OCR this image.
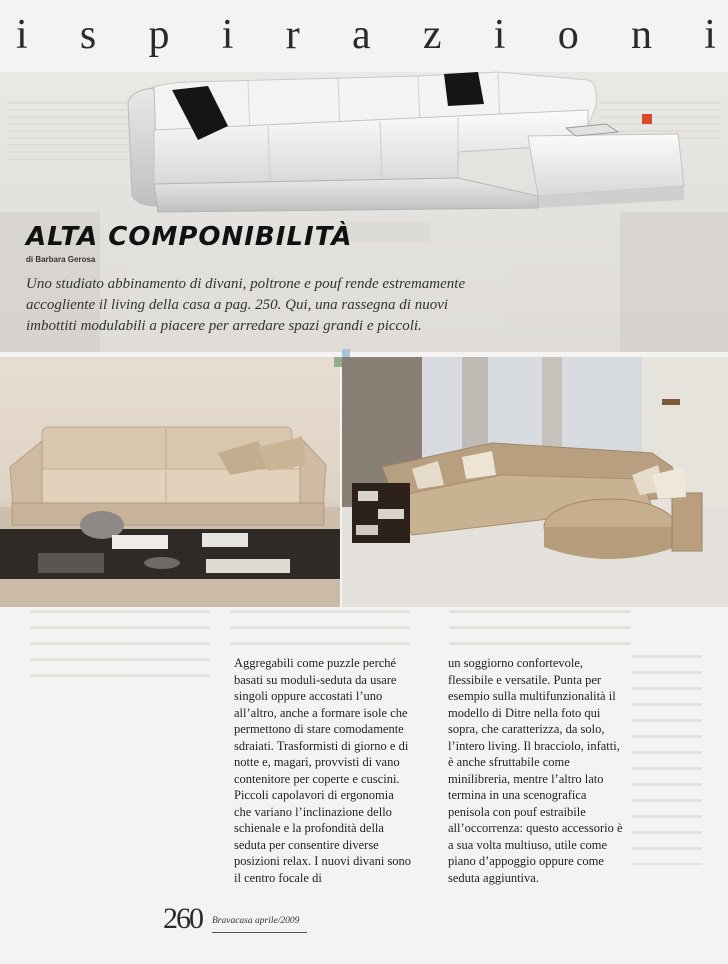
i s p i r a z i o n i
ALTA COMPONIBILITÀ
di Barbara Gerosa
Uno studiato abbinamento di divani, poltrone e pouf rende estremamente accogliente il living della casa a pag. 250. Qui, una rassegna di nuovi imbottiti modulabili a piacere per arredare spazi grandi e piccoli.

Aggregabili come puzzle perché basati su moduli-seduta da usare singoli oppure accostati l’uno all’altro, anche a formare isole che permettono di stare comodamente sdraiati. Trasformisti di giorno e di notte e, magari, provvisti di vano contenitore per coperte e cuscini. Piccoli capolavori di ergonomia che variano l’inclinazione dello schienale e la profondità della seduta per consentire diverse posizioni relax. I nuovi divani sono il centro focale di

un soggiorno confortevole, flessibile e versatile. Punta per esempio sulla multifunzionalità il modello di Ditre nella foto qui sopra, che caratterizza, da solo, l’intero living. Il bracciolo, infatti, è anche sfruttabile come minilibreria, mentre l’altro lato termina in una scenografica penisola con pouf estraibile all’occorrenza: questo accessorio è a sua volta multiuso, utile come piano d’appoggio oppure come seduta aggiuntiva.

260 Bravacasa aprile/2009
